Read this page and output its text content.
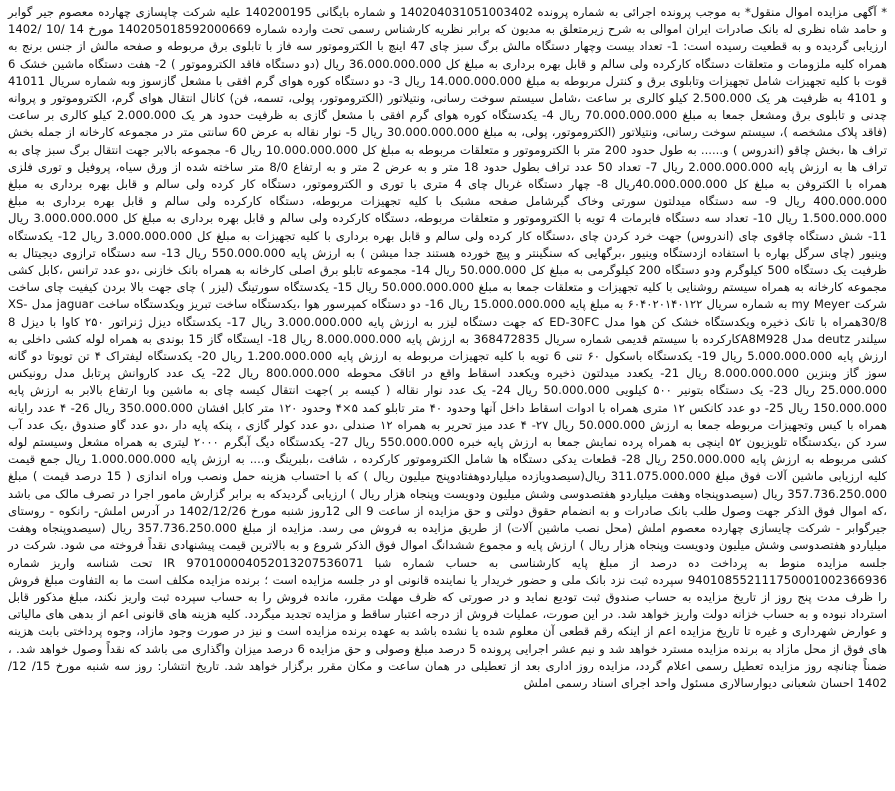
* آگهی مزایده اموال منقول* به موجب پرونده اجرائی به شماره پرونده 140204031051003402 و شماره بایگانی 140200195 علیه شرکت چاپسازی چهارده معصوم جیر گوابر و حامد شاه نظری له بانک صادرات ایران اموالی به شرح زیرمتعلق به مدیون که برابر نظریه کارشناس رسمی تحت وارده شماره 140205018592000669 مورخ 14 /10 /1402 ارزیابی گردیده و به قطعیت رسیده است: 1- تعداد بیست وچهار دستگاه مالش برگ سبز چای 47 اینچ با الکتروموتور سه فاز با تابلوی برق مربوطه و صفحه مالش از جنس برنج به همراه کلیه ملزومات و متعلقات دستگاه کارکرده ولی سالم و قابل بهره برداری به مبلغ کل 36.000.000.000 ریال (دو دستگاه فاقد الکتروموتور ) 2- هفت دستگاه ماشین خشک 6 قوت با کلیه تجهیزات شامل تجهیزات وتابلوی برق و کنترل مربوطه به مبلغ 14.000.000.000 ریال 3- دو دستگاه کوره هوای گرم افقی با مشعل گازسوز وبه شماره سریال 41011 و 4101 به ظرفیت هر یک 2.500.000 کیلو کالری بر ساعت ،شامل سیستم سوخت رسانی، ونتیلاتور (الکتروموتور، پولی، تسمه، فن) کانال انتقال هوای گرم، الکتروموتور و پروانه چدنی و تابلوی برق ومشعل جمعا به مبلغ 70.000.000.000 ریال 4- یکدستگاه کوره هوای گرم افقی با مشعل گازی به ظرفیت حدود هر یک 2.000.000 کیلو کالری بر ساعت (فاقد پلاک مشخصه )، سیستم سوخت رسانی، ونتیلاتور (الکتروموتور، پولی، به مبلغ 30.000.000.000 ریال 5- نوار نقاله به عرض 60 سانتی متر در مجموعه کارخانه از جمله بخش تراف ها ،بخش چاقو (اندروس ) و...... به طول حدود 200 متر با الکتروموتور و متعلقات مربوطه به مبلغ کل 10.000.000.000 ریال 6- مجموعه بالابر جهت انتقال برگ سبز چای به تراف ها به ارزش پایه 2.000.000.000 ریال 7- تعداد 50 عدد تراف بطول حدود 18 متر و به عرض 2 متر و به ارتفاع 8/0 متر ساخته شده از ورق سیاه، پروفیل و توری فلزی همراه با الکتروفن به مبلغ کل 40.000.000.000ریال 8- چهار دستگاه غربال چای 4 متری با توری و الکتروموتور، دستگاه کار کرده ولی سالم و قابل بهره برداری به مبلغ 400.000.000 ریال 9- سه دستگاه میدلتون سورتی وخاک گیرشامل صفحه مشبک با کلیه تجهیزات مربوطه، دستگاه کارکرده ولی سالم و قابل بهره برداری به مبلغ 1.500.000.000 ریال 10- تعداد سه دستگاه فابرمات 4 تویه با الکتروموتور و متعلقات مربوطه، دستگاه کارکرده ولی سالم و قابل بهره برداری به مبلغ کل 3.000.000.000 ریال 11- شش دستگاه چاقوی چای (اندروس) جهت خرد کردن چای ،دستگاه کار کرده ولی سالم و قابل بهره برداری با کلیه تجهیزات به مبلغ کل 3.000.000.000 ریال 12- یکدستگاه وینیور (چای سرگل بهاره با استفاده ازدستگاه وینیور ،برگهایی که سنگینتر و پیچ خورده هستند جدا میشن ) به ارزش پایه 550.000.000 ریال 13- سه دستگاه ترازوی دیجیتال به ظرفیت یک دستگاه 500 کیلوگرم ودو دستگاه 200 کیلوگرمی به مبلغ کل 50.000.000 ریال 14- مجموعه تابلو برق اصلی کارخانه به همراه بانک خازنی ،دو عدد ترانس ،کابل کشی مجموعه کارخانه به همراه سیستم روشنایی با کلیه تجهیزات و متعلقات جمعا به مبلغ 50.000.000.000 ریال 15- یکدستگاه سورتینگ (لیزر ) چای جهت بالا بردن کیفیت چای ساخت شرکت my Meyer به شماره سریال ۶۰۴۰۲۰۱۴۰۱۲۲ به مبلغ پایه 15.000.000.000 ریال 16- دو دستگاه کمپرسور هوا ،یکدستگاه ساخت تبریز ویکدستگاه ساخت jaguar مدل XS-30/8همراه با تانک ذخیره ویکدستگاه خشک کن هوا مدل ED-30FC که جهت دستگاه لیزر به ارزش پایه 3.000.000.000 ریال 17- یکدستگاه دیزل ژنراتور ۲۵۰ کاوا با دیزل 8 سیلندر deutz مدل A8M928کارکرده با سیستم قدیمی شماره سریال 368472835 به ارزش پایه 8.000.000.000 ریال 18- ایستگاه گاز 15 بوندی به همراه لوله کشی داخلی به ارزش پایه 5.000.000.000 ریال 19- یکدستگاه باسکول ۶۰ تنی 6 تویه با کلیه تجهیزات مربوطه به ارزش پایه 1.200.000.000 ریال 20- یکدستگاه لیفتراک ۴ تن تویوتا دو گانه سوز گاز وبنزین 8.000.000.000 ریال 21- یکعدد میدلتون ذخیره ویکعدد اسقاط واقع در اتاقک محوطه 800.000.000 ریال 22- یک عدد کاروانش پرتابل مدل رونیکس 25.000.000 ریال 23- یک دستگاه بتونیر ۵۰۰ کیلویی 50.000.000 ریال 24- یک عدد نوار نقاله ( کیسه بر )جهت انتقال کیسه چای به ماشین وبا ارتفاع بالابر به ارزش پایه 150.000.000 ریال 25- دو عدد کانکس ۱۲ متری همراه با ادوات اسقاط داخل آنها وحدود ۴۰ متر تابلو کمد ۵×۴ وحدود ۱۲۰ متر کابل افشان 350.000.000 ریال 26- ۴ عدد رایانه همراه با کیس وتجهیزات مربوطه جمعا به ارزش 50.000.000 ریال ۲۷- ۴ عدد میز تحریر به همراه ۱۲ صندلی ،دو عدد کولر گازی ، پنکه پایه دار ،دو عدد گاو صندوق ،یک عدد آب سرد کن ،یکدستگاه تلویزیون ۵۲ اینچی به همراه پرده نمایش جمعا به ارزش پایه خبره 550.000.000 ریال 27- یکدستگاه دیگ آبگرم ۲۰۰۰ لیتری به همراه مشعل وسیستم لوله کشی مربوطه به ارزش پایه 250.000.000 ریال 28- قطعات یدکی دستگاه ها شامل الکتروموتور کارکرده ، شافت ،بلبرینگ و.... به ارزش پایه 1.000.000.000 ریال جمع قیمت کلیه ارزیابی ماشین آلات فوق مبلغ 311.075.000.000 ریال(سیصدویازده میلیاردوهفتادوپنج میلیون ریال ) که با احتساب هزینه حمل ونصب وراه اندازی ( 15 درصد قیمت ) مبلغ 357.736.250.000 ریال (سیصدوپنجاه وهفت میلیاردو هفتصدوسی وشش میلیون ودویست وپنجاه هزار ریال ) ارزیابی گردیدکه به برابر گزارش مامور اجرا در تصرف مالک می باشد ،که اموال فوق الذکر جهت وصول طلب بانک صادرات و به انضمام حقوق دولتی و حق مزایده از ساعت 9 الی 12روز شنبه مورخ 1402/12/26 در آدرس املش- رانکوه - روستای جیرگوابر - شرکت چایسازی چهارده معصوم املش (محل نصب ماشین آلات) از طریق مزایده به فروش می رسد. مزایده از مبلغ 357.736.250.000 ریال (سیصدوپنجاه وهفت میلیاردو هفتصدوسی وشش میلیون ودویست وپنجاه هزار ریال ) ارزش پایه و مجموع ششدانگ اموال فوق الذکر شروع و به بالاترین قیمت پیشنهادی نقداً فروخته می شود. شرکت در جلسه مزایده منوط به پرداخت ده درصد از مبلغ پایه کارشناسی به حساب شماره شبا IR 970100004052013207536071 تحت شناسه واریز شماره 940108552111750001002366936 سپرده ثبت نزد بانک ملی و حضور خریدار یا نماینده قانونی او در جلسه مزایده است ؛ برنده مزایده مکلف است ما به التفاوت مبلغ فروش را ظرف مدت پنج روز از تاریخ مزایده به حساب صندوق ثبت تودیع نماید و در صورتی که ظرف مهلت مقرر، مانده فروش را به حساب سپرده ثبت واریز نکند، مبلغ مذکور قابل استرداد نبوده و به حساب خزانه دولت واریز خواهد شد. در این صورت، عملیات فروش از درجه اعتبار ساقط و مزایده تجدید میگردد. کلیه هزینه های قانونی اعم از بدهی های مالیاتی و عوارض شهرداری و غیره تا تاریخ مزایده اعم از اینکه رقم قطعی آن معلوم شده یا نشده باشد به عهده برنده مزایده است و نیز در صورت وجود مازاد، وجوه پرداختی بابت هزینه های فوق از محل مازاد به برنده مزایده مسترد خواهد شد و نیم عشر اجرایی پرونده 5 درصد مبلغ وصولی و حق مزایده 6 درصد میزان واگذاری می باشد که نقداً وصول خواهد شد. ، ضمناً چنانچه روز مزایده تعطیل رسمی اعلام گردد، مزایده روز اداری بعد از تعطیلی در همان ساعت و مکان مقرر برگزار خواهد شد. تاریخ انتشار: روز سه شنبه مورخ 15/ 12/ 1402 احسان شعبانی دیوارسالاری مسئول واحد اجرای اسناد رسمی املش
